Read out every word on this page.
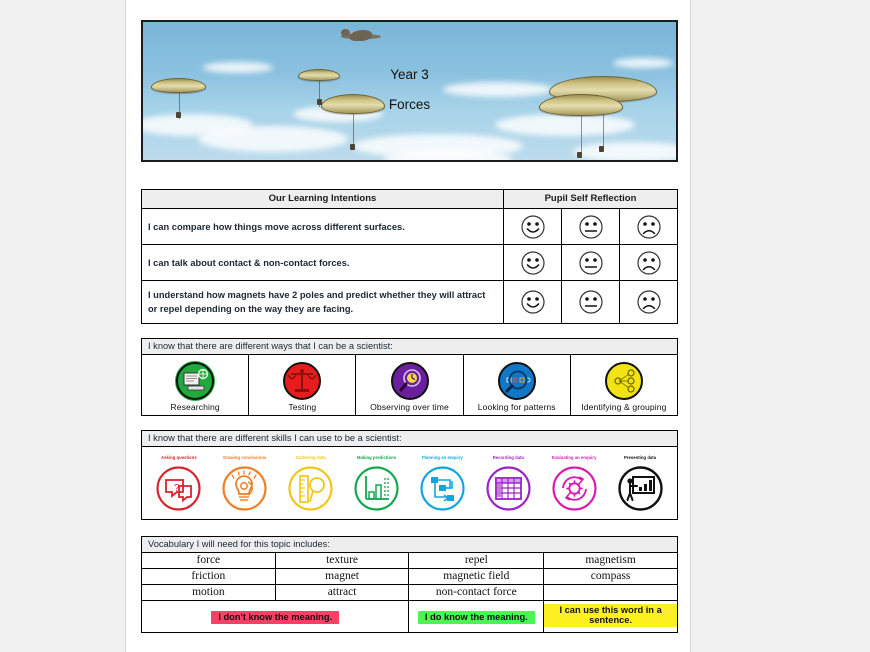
Year 3
Forces
Our Learning Intentions	Pupil Self Reflection		
I can compare how things move across different surfaces.			
I can talk about contact & non-contact forces.			
I understand how magnets have 2 poles and predict whether they will attract or repel depending on the way they are facing.			
I know that there are different ways that I can be a scientist:
Researching	Testing	Observing over time	Looking for patterns	Identifying & grouping
I know that there are different skills I can use to be a scientist:
Asking questions
?
Drawing conclusions	Gathering data	Making predictions	Planning an enquiry	Recording data	Evaluating an enquiry	Presenting data
Vocabulary I will need for this topic includes:			
force	texture	repel	magnetism
friction	magnet	magnetic field	compass
motion	attract	non-contact force	
I don't know the meaning.		I do know the meaning.	I can use this word in a sentence.
